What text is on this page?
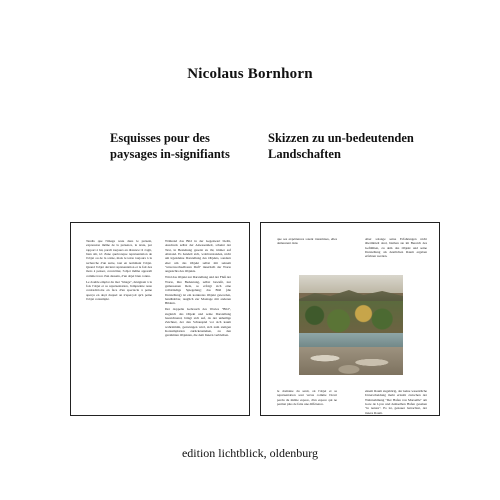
Nicolaus Bornhorn
Esquisses pour des paysages in-signifiants
Skizzen zu un-bedeutenden Landschaften

Tandis que l'image reste dans le présent, expression même de la présence, le texte, par rapport à lui, paraît toujours en distance: il s'agit, bien sûr, ici d'une quelconque représentation de l'objet ou de la scène, mais le texte toujours à la recherche d'un autre, tout en nommant l'objet. Quand l'objet devient représentation et le fait des mots à penser, concrétisé, l'objet même apparaît comme trace d'un dessein, d'un objet bien connu.

Le double emploi du mot "image", désignant à la fois l'objet et sa représentation, l'empreinte reste contradictoire en face d'un spectacle à peine aperçu en deçà duquel on n'aperçoit qu'à peine l'objet contemplé.

Während das Bild in der Gegenwart bleibt, Ausdruck selbst der Anwesenheit, scheint der Text, in Beziehung gesetzt zu ihr, immer auf Abstand. Es handelt sich, wohlverstanden, nicht um irgendeine Darstellung des Objekts, sondern eher um das Objekt selbst mit seinem "unverwechselbaren Duft" innerhalb der Worte angesichts des Objekts.

Wird das Objekt zur Darstellung und der Fluß der Worte, ihre Bedeutung, selbst bewußt, nur gemessenen Reiz, so erfolgt sich eine vollständige Spiegelung; das Bild (die Darstellung) ist ein konkretes Objekt geworden, handhabbar, tauglich zur Montage mit anderen Bildern.

Der doppelte Gebrauch des Wortes "Bild", zugleich das Objekt und seine Darstellung bezeichnend, bringt sich auf, da der unheilige Zeichner, der den Schauspiel vor sich kaum wahrnimmt, gezwungen wird, sich zum stetigen Kontemplation zurückzuziehen, zu den gerahmten Objekten, die dem Innern verbleiben.

que ses expériences soient transmises, elles demeurent dans
Aber solange seine Erfahrungen nicht übermittelt sind, bleiben sie im Bereich des Gefühlten, zu dem das Objekt und seine Darstellung als deutlichen Raum ergeben erfahren werden.
le domaine du senti, où l'objet et sa représentation sont vécus comme l'écart perdu du même espace, d'un espace qui ne permet plus de faire une différence.
einem Raum zugehörig, der keine wesentliche Unterscheidung mehr erlaubt zwischen der Wahrnehmung "Der Hafen von Marseille" am Gare de Lyon und demselben Hafen gesehen "in natura". Es ist, genauer betrachtet, der innere Raum.
edition lichtblick, oldenburg
